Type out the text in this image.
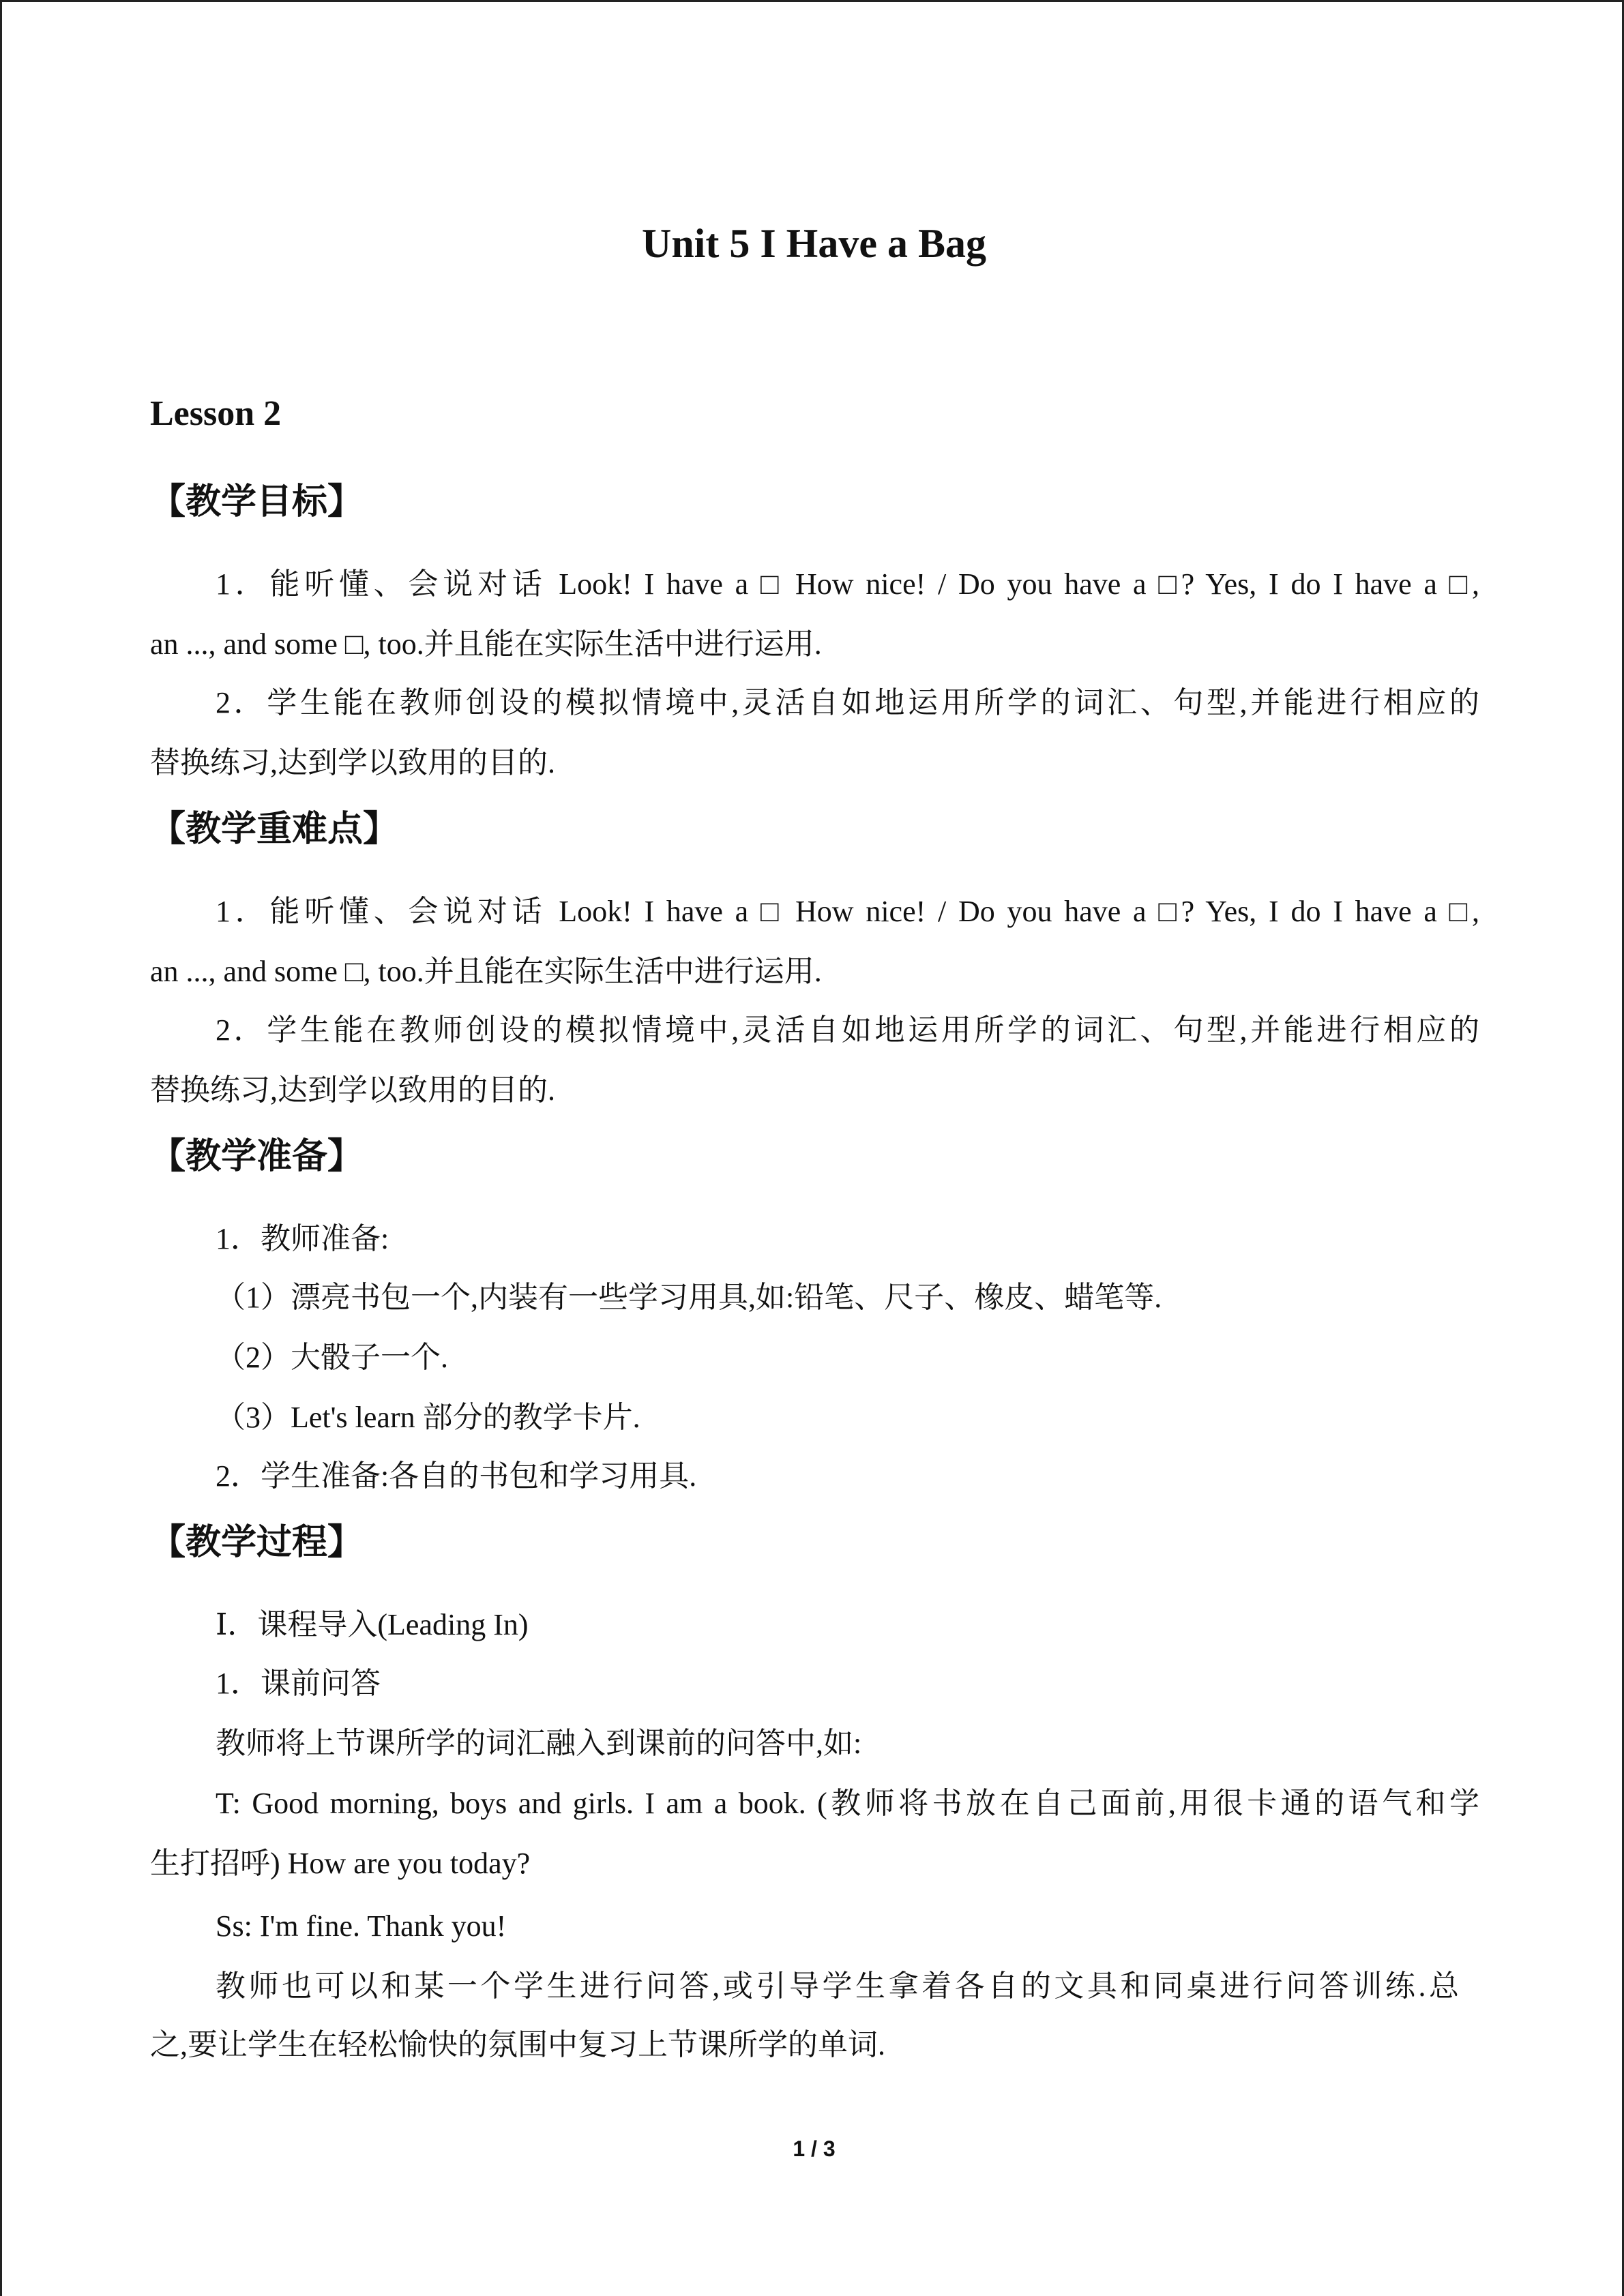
Unit 5 I Have a Bag
Lesson 2
【教学目标】
1．能听懂、会说对话 Look! I have a □ How nice! / Do you have a □? Yes, I do I have a □,
an ..., and some □, too.并且能在实际生活中进行运用.
2．学生能在教师创设的模拟情境中,灵活自如地运用所学的词汇、句型,并能进行相应的
替换练习,达到学以致用的目的.
【教学重难点】
1．能听懂、会说对话 Look! I have a □ How nice! / Do you have a □? Yes, I do I have a □,
an ..., and some □, too.并且能在实际生活中进行运用.
2．学生能在教师创设的模拟情境中,灵活自如地运用所学的词汇、句型,并能进行相应的
替换练习,达到学以致用的目的.
【教学准备】
1．教师准备:
（1）漂亮书包一个,内装有一些学习用具,如:铅笔、尺子、橡皮、蜡笔等.
（2）大骰子一个.
（3）Let's learn 部分的教学卡片.
2．学生准备:各自的书包和学习用具.
【教学过程】
Ⅰ．课程导入(Leading In)
1．课前问答
教师将上节课所学的词汇融入到课前的问答中,如:
T: Good morning, boys and girls. I am a book. (教师将书放在自己面前,用很卡通的语气和学
生打招呼) How are you today?
Ss: I'm fine. Thank you!
教师也可以和某一个学生进行问答,或引导学生拿着各自的文具和同桌进行问答训练.总
之,要让学生在轻松愉快的氛围中复习上节课所学的单词.
1 / 3
